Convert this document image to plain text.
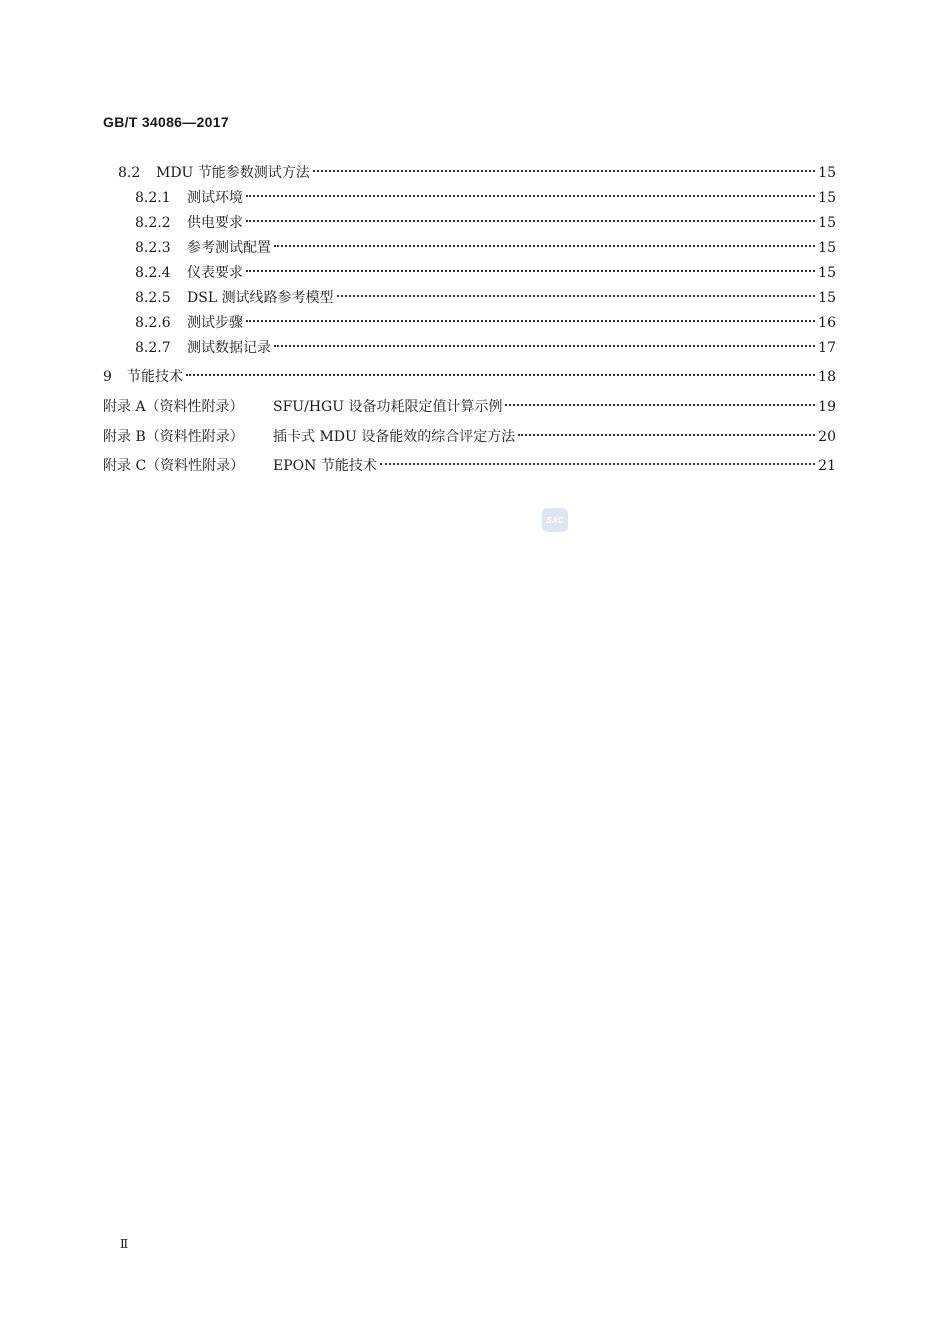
GB/T 34086—2017
8.2	MDU 节能参数测试方法	15
8.2.1	测试环境	15
8.2.2	供电要求	15
8.2.3	参考测试配置	15
8.2.4	仪表要求	15
8.2.5	DSL 测试线路参考模型	15
8.2.6	测试步骤	16
8.2.7	测试数据记录	17
9	节能技术	18
附录 A（资料性附录）	SFU/HGU 设备功耗限定值计算示例	19
附录 B（资料性附录）	插卡式 MDU 设备能效的综合评定方法	20
附录 C（资料性附录）	EPON 节能技术	21
SAC
Ⅱ
